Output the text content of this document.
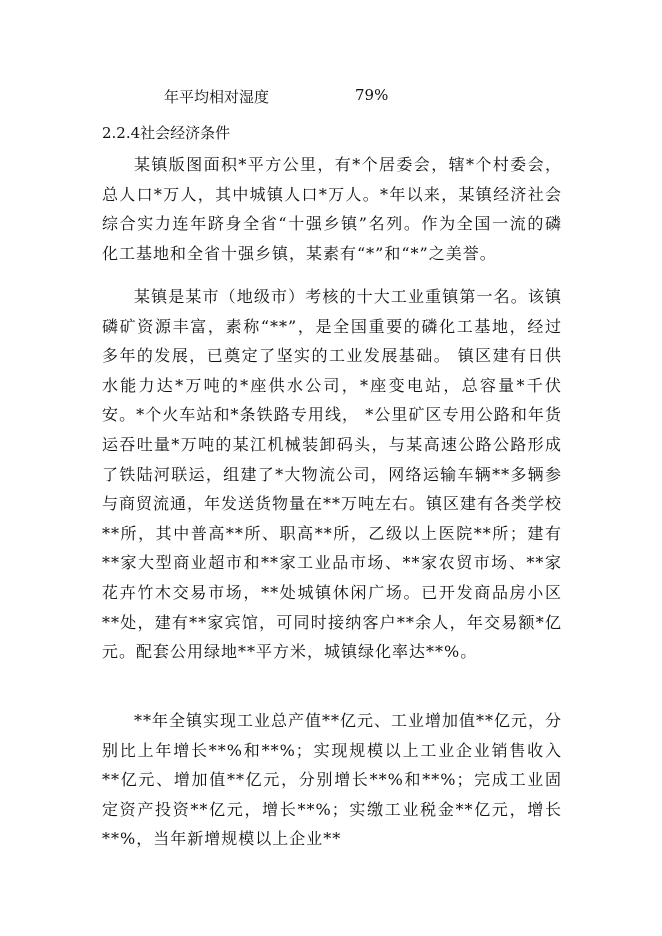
年平均相对湿度	79%
2.2.4社会经济条件

某镇版图面积*平方公里，有*个居委会，辖*个村委会，总人口*万人，其中城镇人口*万人。*年以来，某镇经济社会综合实力连年跻身全省“十强乡镇”名列。作为全国一流的磷化工基地和全省十强乡镇，某素有“*”和“*”之美誉。

某镇是某市（地级市）考核的十大工业重镇第一名。该镇磷矿资源丰富，素称“**”，是全国重要的磷化工基地，经过多年的发展，已奠定了坚实的工业发展基础。 镇区建有日供水能力达*万吨的*座供水公司，*座变电站，总容量*千伏安。*个火车站和*条铁路专用线， *公里矿区专用公路和年货运吞吐量*万吨的某江机械装卸码头，与某高速公路公路形成了铁陆河联运，组建了*大物流公司，网络运输车辆**多辆参与商贸流通，年发送货物量在**万吨左右。镇区建有各类学校**所，其中普高**所、职高**所，乙级以上医院**所；建有**家大型商业超市和**家工业品市场、**家农贸市场、**家花卉竹木交易市场，**处城镇休闲广场。已开发商品房小区**处，建有**家宾馆，可同时接纳客户**余人，年交易额*亿元。配套公用绿地**平方米，城镇绿化率达**%。

**年全镇实现工业总产值**亿元、工业增加值**亿元，分别比上年增长**%和**%；实现规模以上工业企业销售收入**亿元、增加值**亿元，分别增长**%和**%；完成工业固定资产投资**亿元，增长**%；实缴工业税金**亿元，增长**%，当年新增规模以上企业**
